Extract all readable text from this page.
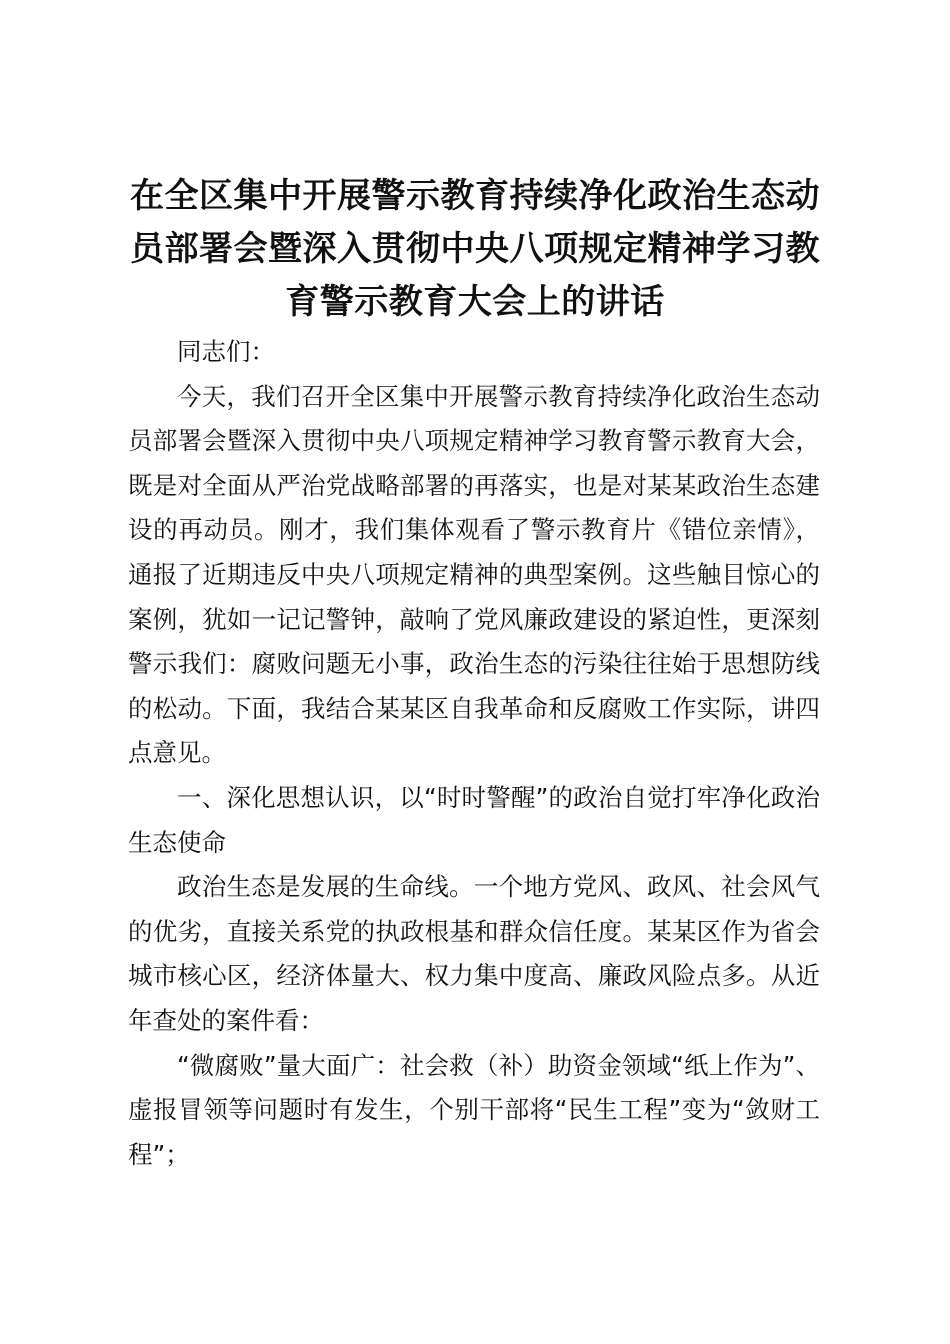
在全区集中开展警示教育持续净化政治生态动员部署会暨深入贯彻中央八项规定精神学习教育警示教育大会上的讲话

同志们：

今天，我们召开全区集中开展警示教育持续净化政治生态动员部署会暨深入贯彻中央八项规定精神学习教育警示教育大会，既是对全面从严治党战略部署的再落实，也是对某某政治生态建设的再动员。刚才，我们集体观看了警示教育片《错位亲情》，通报了近期违反中央八项规定精神的典型案例。这些触目惊心的案例，犹如一记记警钟，敲响了党风廉政建设的紧迫性，更深刻警示我们：腐败问题无小事，政治生态的污染往往始于思想防线的松动。下面，我结合某某区自我革命和反腐败工作实际，讲四点意见。

一、深化思想认识，以“时时警醒”的政治自觉打牢净化政治生态使命

政治生态是发展的生命线。一个地方党风、政风、社会风气的优劣，直接关系党的执政根基和群众信任度。某某区作为省会城市核心区，经济体量大、权力集中度高、廉政风险点多。从近年查处的案件看：

“微腐败”量大面广：社会救（补）助资金领域“纸上作为”、虚报冒领等问题时有发生，个别干部将“民生工程”变为“敛财工程”；
